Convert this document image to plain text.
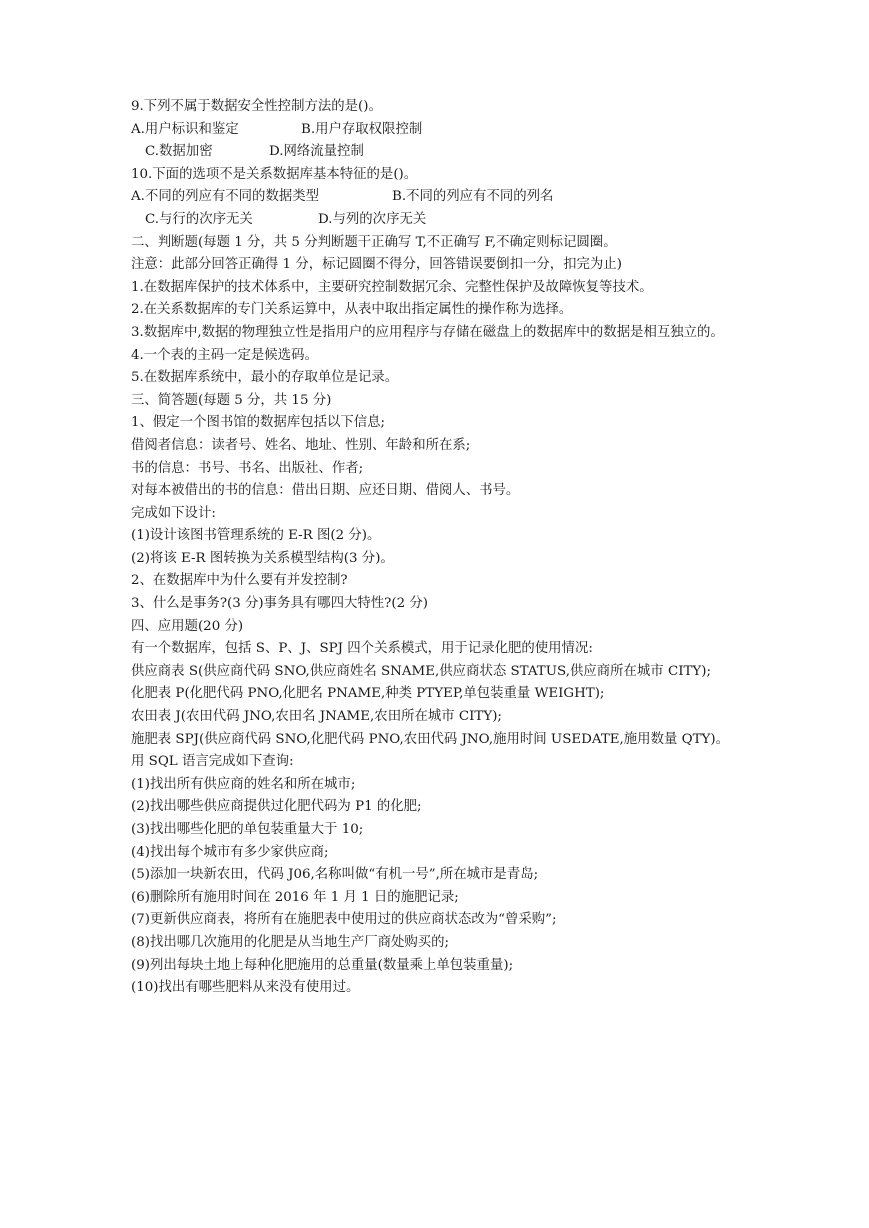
9.下列不属于数据安全性控制方法的是()。
A.用户标识和鉴定	B.用户存取权限控制
C.数据加密	D.网络流量控制
10.下面的选项不是关系数据库基本特征的是()。
A.不同的列应有不同的数据类型	B.不同的列应有不同的列名
C.与行的次序无关	D.与列的次序无关
二、判断题(每题 1 分，共 5 分判断题干正确写 T,不正确写 F,不确定则标记圆圈。
注意：此部分回答正确得 1 分，标记圆圈不得分，回答错误要倒扣一分，扣完为止)
1.在数据库保护的技术体系中，主要研究控制数据冗余、完整性保护及故障恢复等技术。
2.在关系数据库的专门关系运算中，从表中取出指定属性的操作称为选择。
3.数据库中,数据的物理独立性是指用户的应用程序与存储在磁盘上的数据库中的数据是相互独立的。
4.一个表的主码一定是候选码。
5.在数据库系统中，最小的存取单位是记录。
三、简答题(每题 5 分，共 15 分)
1、假定一个图书馆的数据库包括以下信息;
借阅者信息：读者号、姓名、地址、性别、年龄和所在系;
书的信息：书号、书名、出版社、作者;
对每本被借出的书的信息：借出日期、应还日期、借阅人、书号。
完成如下设计:
(1)设计该图书管理系统的 E-R 图(2 分)。
(2)将该 E-R 图转换为关系模型结构(3 分)。
2、在数据库中为什么要有并发控制?
3、什么是事务?(3 分)事务具有哪四大特性?(2 分)
四、应用题(20 分)
有一个数据库，包括 S、P、J、SPJ 四个关系模式，用于记录化肥的使用情况:
供应商表 S(供应商代码 SNO,供应商姓名 SNAME,供应商状态 STATUS,供应商所在城市 CITY);
化肥表 P(化肥代码 PNO,化肥名 PNAME,种类 PTYEP,单包装重量 WEIGHT);
农田表 J(农田代码 JNO,农田名 JNAME,农田所在城市 CITY);
施肥表 SPJ(供应商代码 SNO,化肥代码 PNO,农田代码 JNO,施用时间 USEDATE,施用数量 QTY)。
用 SQL 语言完成如下查询:
(1)找出所有供应商的姓名和所在城市;
(2)找出哪些供应商提供过化肥代码为 P1 的化肥;
(3)找出哪些化肥的单包装重量大于 10;
(4)找出每个城市有多少家供应商;
(5)添加一块新农田，代码 J06,名称叫做“有机一号”,所在城市是青岛;
(6)删除所有施用时间在 2016 年 1 月 1 日的施肥记录;
(7)更新供应商表，将所有在施肥表中使用过的供应商状态改为“曾采购”;
(8)找出哪几次施用的化肥是从当地生产厂商处购买的;
(9)列出每块土地上每种化肥施用的总重量(数量乘上单包装重量);
(10)找出有哪些肥料从来没有使用过。
